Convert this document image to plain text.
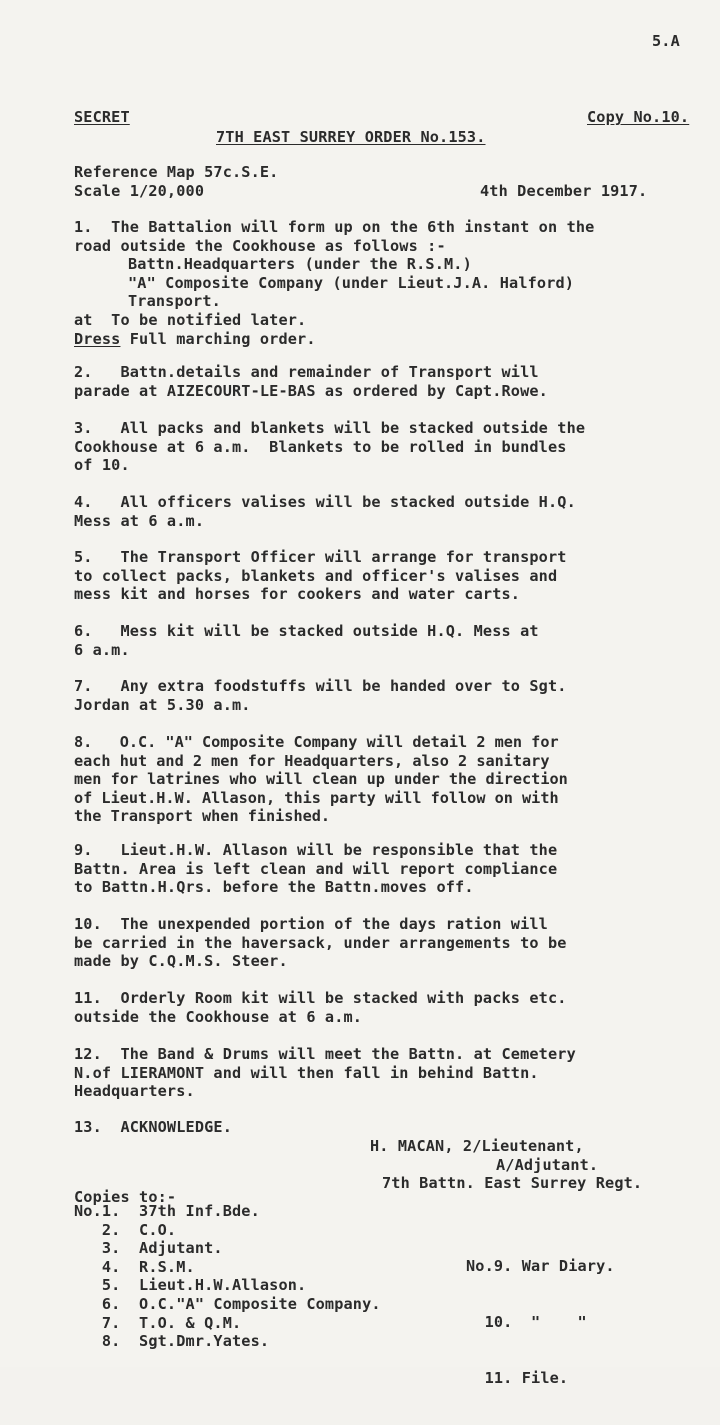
5.A
SECRET	Copy No.10.
7TH EAST SURREY ORDER No.153.
Reference Map 57c.S.E.
Scale 1/20,000	4th December 1917.
1.  The Battalion will form up on the 6th instant on the
road outside the Cookhouse as follows :-
Battn.Headquarters (under the R.S.M.)
"A" Composite Company (under Lieut.J.A. Halford)
Transport.
at  To be notified later.
Dress Full marching order.
2.   Battn.details and remainder of Transport will
parade at AIZECOURT-LE-BAS as ordered by Capt.Rowe.
3.   All packs and blankets will be stacked outside the
Cookhouse at 6 a.m.  Blankets to be rolled in bundles
of 10.
4.   All officers valises will be stacked outside H.Q.
Mess at 6 a.m.
5.   The Transport Officer will arrange for transport
to collect packs, blankets and officer's valises and
mess kit and horses for cookers and water carts.
6.   Mess kit will be stacked outside H.Q. Mess at
6 a.m.
7.   Any extra foodstuffs will be handed over to Sgt.
Jordan at 5.30 a.m.
8.   O.C. "A" Composite Company will detail 2 men for
each hut and 2 men for Headquarters, also 2 sanitary
men for latrines who will clean up under the direction
of Lieut.H.W. Allason, this party will follow on with
the Transport when finished.
9.   Lieut.H.W. Allason will be responsible that the
Battn. Area is left clean and will report compliance
to Battn.H.Qrs. before the Battn.moves off.
10.  The unexpended portion of the days ration will
be carried in the haversack, under arrangements to be
made by C.Q.M.S. Steer.
11.  Orderly Room kit will be stacked with packs etc.
outside the Cookhouse at 6 a.m.
12.  The Band & Drums will meet the Battn. at Cemetery
N.of LIERAMONT and will then fall in behind Battn.
Headquarters.
13.  ACKNOWLEDGE.
H. MACAN, 2/Lieutenant,
A/Adjutant.
7th Battn. East Surrey Regt.
Copies to:-
No.1.  37th Inf.Bde.
2.  C.O.
3.  Adjutant.
4.  R.S.M.
5.  Lieut.H.W.Allason.
6.  O.C."A" Composite Company.
7.  T.O. & Q.M.
8.  Sgt.Dmr.Yates.

No.9. War Diary.

10.  "    "

11. File.
